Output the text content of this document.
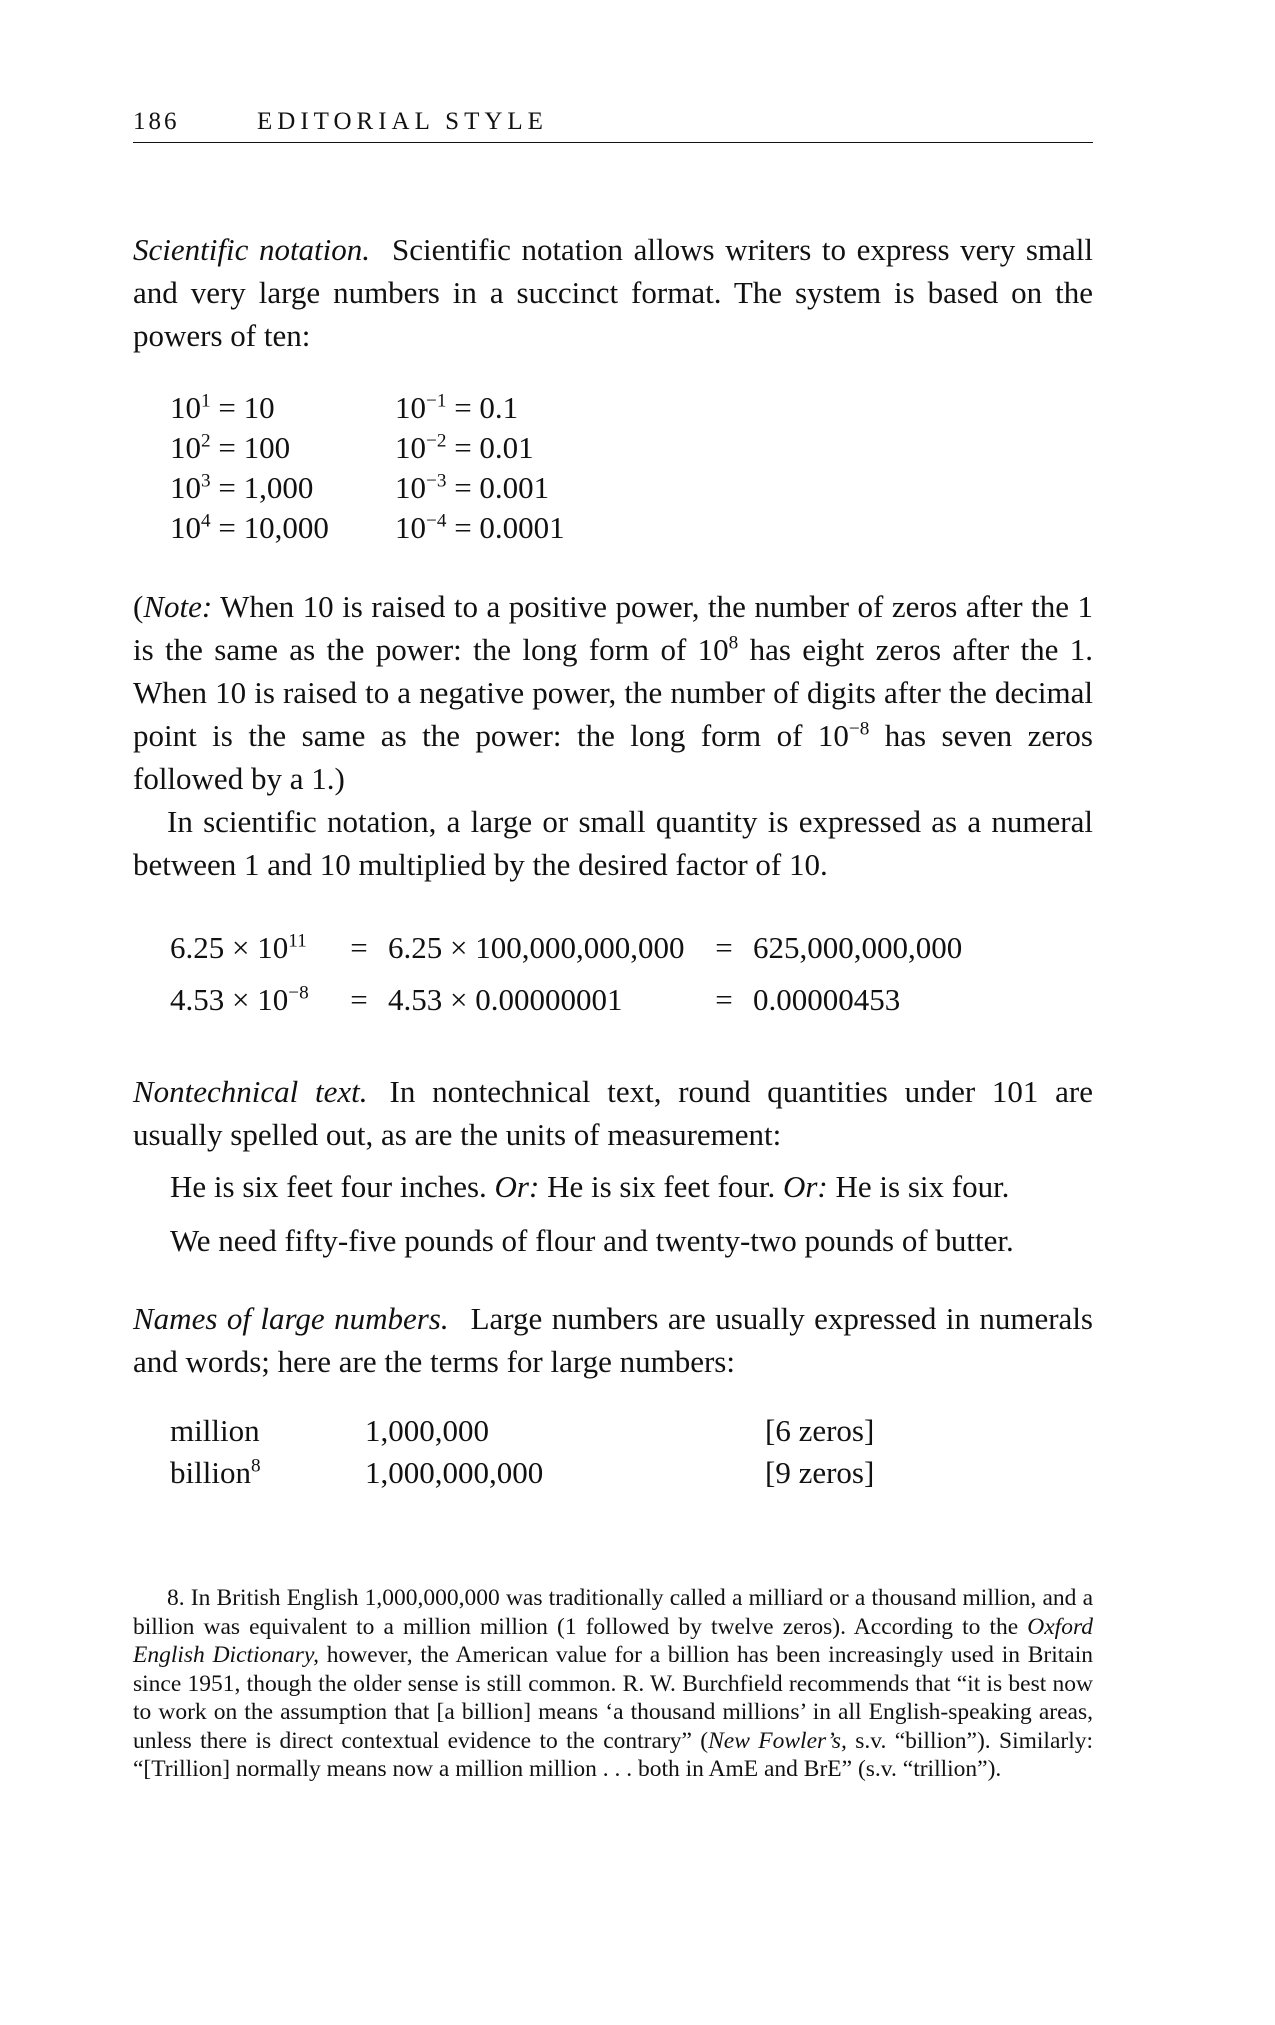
186	EDITORIAL STYLE

Scientific notation. Scientific notation allows writers to express very small and very large numbers in a succinct format. The system is based on the powers of ten:

$10^1 = 10$	$10^{-1} = 0.1$
$10^2 = 100$	$10^{-2} = 0.01$
$10^3 = 1,000$	$10^{-3} = 0.001$
$10^4 = 10,000$	$10^{-4} = 0.0001$

(Note: When 10 is raised to a positive power, the number of zeros after the 1 is the same as the power: the long form of $10^8$ has eight zeros after the 1. When 10 is raised to a negative power, the number of digits after the decimal point is the same as the power: the long form of $10^{-8}$ has seven zeros followed by a 1.)

In scientific notation, a large or small quantity is expressed as a numeral between 1 and 10 multiplied by the desired factor of 10.

$6.25 \times 10^{11}$	= 6.25 × 100,000,000,000 = 625,000,000,000
$4.53 \times 10^{-8}$	= 4.53 × 0.00000001	= 0.00000453

Nontechnical text. In nontechnical text, round quantities under 101 are usually spelled out, as are the units of measurement:

He is six feet four inches. Or: He is six feet four. Or: He is six four.
We need fifty-five pounds of flour and twenty-two pounds of butter.

Names of large numbers. Large numbers are usually expressed in numerals and words; here are the terms for large numbers:

million	1,000,000	[6 zeros]
billion$^8$	1,000,000,000	[9 zeros]

8. In British English 1,000,000,000 was traditionally called a milliard or a thousand million, and a billion was equivalent to a million million (1 followed by twelve zeros). According to the Oxford English Dictionary, however, the American value for a billion has been increasingly used in Britain since 1951, though the older sense is still common. R. W. Burchfield recommends that “it is best now to work on the assumption that [a billion] means ‘a thousand millions’ in all English-speaking areas, unless there is direct contextual evidence to the contrary” (New Fowler’s, s.v. “billion”). Similarly: “[Trillion] normally means now a million million . . . both in AmE and BrE” (s.v. “trillion”).
